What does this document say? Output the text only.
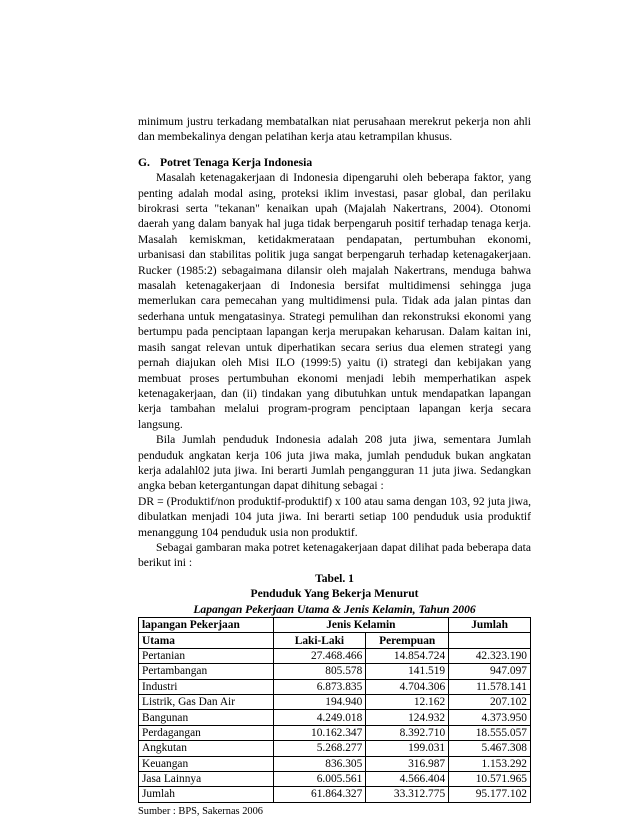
minimum justru terkadang membatalkan niat perusahaan merekrut pekerja non ahli dan membekalinya dengan pelatihan kerja atau ketrampilan khusus.

G. Potret Tenaga Kerja Indonesia

Masalah ketenagakerjaan di Indonesia dipengaruhi oleh beberapa faktor, yang penting adalah modal asing, proteksi iklim investasi, pasar global, dan perilaku birokrasi serta "tekanan" kenaikan upah (Majalah Nakertrans, 2004). Otonomi daerah yang dalam banyak hal juga tidak berpengaruh positif terhadap tenaga kerja. Masalah kemiskman, ketidakmerataan pendapatan, pertumbuhan ekonomi, urbanisasi dan stabilitas politik juga sangat berpengaruh terhadap ketenagakerjaan. Rucker (1985:2) sebagaimana dilansir oleh majalah Nakertrans, menduga bahwa masalah ketenagakerjaan di Indonesia bersifat multidimensi sehingga juga memerlukan cara pemecahan yang multidimensi pula. Tidak ada jalan pintas dan sederhana untuk mengatasinya. Strategi pemulihan dan rekonstruksi ekonomi yang bertumpu pada penciptaan lapangan kerja merupakan keharusan. Dalam kaitan ini, masih sangat relevan untuk diperhatikan secara serius dua elemen strategi yang pernah diajukan oleh Misi ILO (1999:5) yaitu (i) strategi dan kebijakan yang membuat proses pertumbuhan ekonomi menjadi lebih memperhatikan aspek ketenagakerjaan, dan (ii) tindakan yang dibutuhkan untuk mendapatkan lapangan kerja tambahan melalui program-program penciptaan lapangan kerja secara langsung.

Bila Jumlah penduduk Indonesia adalah 208 juta jiwa, sementara Jumlah penduduk angkatan kerja 106 juta jiwa maka, jumlah penduduk bukan angkatan kerja adalahl02 juta jiwa. Ini berarti Jumlah pengangguran 11 juta jiwa. Sedangkan angka beban ketergantungan dapat dihitung sebagai :

DR = (Produktif/non produktif-produktif) x 100 atau sama dengan 103, 92 juta jiwa, dibulatkan menjadi 104 juta jiwa. Ini berarti setiap 100 penduduk usia produktif menanggung 104 penduduk usia non produktif.

Sebagai gambaran maka potret ketenagakerjaan dapat dilihat pada beberapa data berikut ini :

Tabel. 1
Penduduk Yang Bekerja Menurut
Lapangan Pekerjaan Utama & Jenis Kelamin, Tahun 2006
lapangan Pekerjaan	Jenis Kelamin		Jumlah
Utama	Laki-Laki	Perempuan	
Pertanian	27.468.466	14.854.724	42.323.190
Pertambangan	805.578	141.519	947.097
Industri	6.873.835	4.704.306	11.578.141
Listrik, Gas Dan Air	194.940	12.162	207.102
Bangunan	4.249.018	124.932	4.373.950
Perdagangan	10.162.347	8.392.710	18.555.057
Angkutan	5.268.277	199.031	5.467.308
Keuangan	836.305	316.987	1.153.292
Jasa Lainnya	6.005.561	4.566.404	10.571.965
Jumlah	61.864.327	33.312.775	95.177.102
Sumber : BPS, Sakernas 2006
